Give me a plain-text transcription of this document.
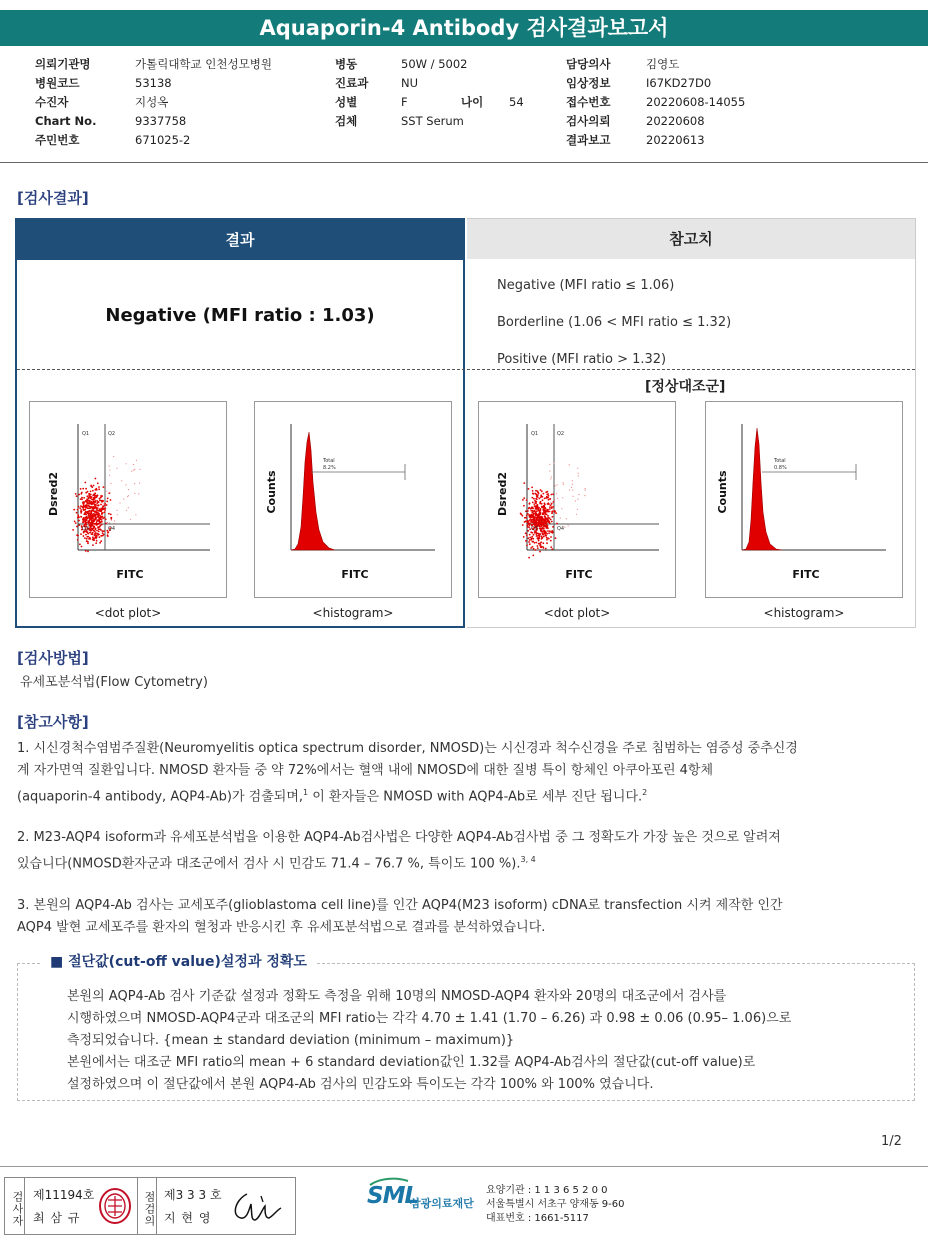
Aquaporin-4 Antibody 검사결과보고서
의뢰기관명	가톨릭대학교 인천성모병원
병원코드	53138
수진자	지성옥
Chart No.	9337758
주민번호	671025-2
병동	50W / 5002
진료과	NU
성별	F	나이	54
검체	SST Serum
담당의사	김영도
임상정보	I67KD27D0
접수번호	20220608-14055
검사의뢰	20220608
결과보고	20220613
[검사결과]
결과
Negative (MFI ratio : 1.03)
참고치
Negative (MFI ratio ≤ 1.06)
Borderline (1.06 < MFI ratio ≤ 1.32)
Positive (MFI ratio > 1.32)
[정상대조군]
Q1	Q2
Q3	Q4
Dsred2
FITC
<dot plot>
Total
8.2%
Counts
FITC
<histogram>
Q1	Q2
Q3	Q4
Dsred2
FITC
<dot plot>
Total
0.8%
Counts
FITC
<histogram>
[검사방법]
유세포분석법(Flow Cytometry)
[참고사항]
1. 시신경척수염범주질환(Neuromyelitis optica spectrum disorder, NMOSD)는 시신경과 척수신경을 주로 침범하는 염증성 중추신경
계 자가면역 질환입니다. NMOSD 환자들 중 약 72%에서는 혈액 내에 NMOSD에 대한 질병 특이 항체인 아쿠아포린 4항체
(aquaporin-4 antibody, AQP4-Ab)가 검출되며,$^1$ 이 환자들은 NMOSD with AQP4-Ab로 세부 진단 됩니다.$^2$
2. M23-AQP4 isoform과 유세포분석법을 이용한 AQP4-Ab검사법은 다양한 AQP4-Ab검사법 중 그 정확도가 가장 높은 것으로 알려져
있습니다(NMOSD환자군과 대조군에서 검사 시 민감도 71.4 – 76.7 %, 특이도 100 %).$^{3, 4}$
3. 본원의 AQP4-Ab 검사는 교세포주(glioblastoma cell line)를 인간 AQP4(M23 isoform) cDNA로 transfection 시켜 제작한 인간
AQP4 발현 교세포주를 환자의 혈청과 반응시킨 후 유세포분석법으로 결과를 분석하였습니다.
■ 절단값(cut-off value)설정과 정확도
본원의 AQP4-Ab 검사 기준값 설정과 정확도 측정을 위해 10명의 NMOSD-AQP4 환자와 20명의 대조군에서 검사를
시행하였으며 NMOSD-AQP4군과 대조군의 MFI ratio는 각각 4.70 ± 1.41 (1.70 – 6.26) 과 0.98 ± 0.06 (0.95– 1.06)으로
측정되었습니다. {mean ± standard deviation (minimum – maximum)}
본원에서는 대조군 MFI ratio의 mean + 6 standard deviation값인 1.32를 AQP4-Ab검사의 절단값(cut-off value)로
설정하였으며 이 절단값에서 본원 AQP4-Ab 검사의 민감도와 특이도는 각각 100% 와 100% 였습니다.
1/2
검사자 제11194호
최 삼 규	점검의 제3 3 3 호
지 현 영
SML
삼광의료재단
요양기관 : 1 1 3 6 5 2 0 0
서울특별시 서초구 양재동 9-60
대표번호 : 1661-5117
